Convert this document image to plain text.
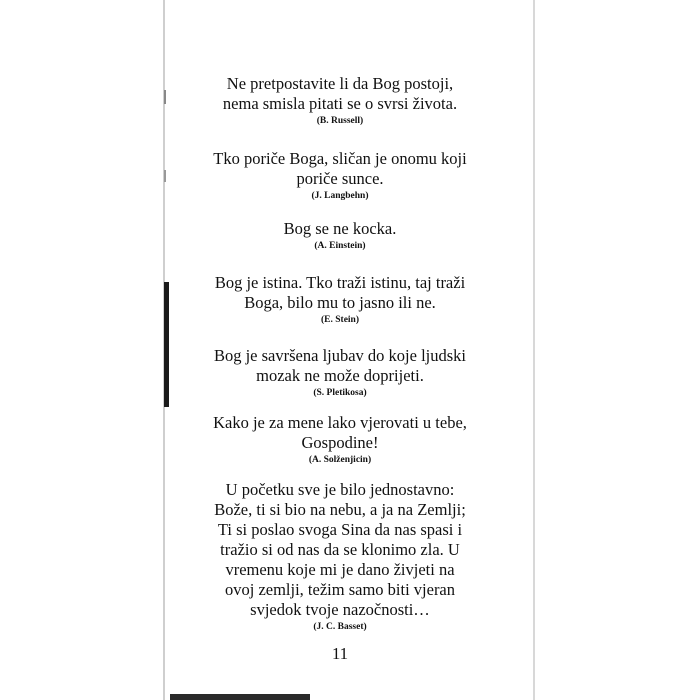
Ne pretpostavite li da Bog postoji,
nema smisla pitati se o svrsi života.
(B. Russell)
Tko poriče Boga, sličan je onomu koji
poriče sunce.
(J. Langbehn)
Bog se ne kocka.
(A. Einstein)
Bog je istina. Tko traži istinu, taj traži
Boga, bilo mu to jasno ili ne.
(E. Stein)
Bog je savršena ljubav do koje ljudski
mozak ne može doprijeti.
(S. Pletikosa)
Kako je za mene lako vjerovati u tebe,
Gospodine!
(A. Solženjicin)
U početku sve je bilo jednostavno:
Bože, ti si bio na nebu, a ja na Zemlji;
Ti si poslao svoga Sina da nas spasi i
tražio si od nas da se klonimo zla. U
vremenu koje mi je dano živjeti na
ovoj zemlji, težim samo biti vjeran
svjedok tvoje nazočnosti…
(J. C. Basset)
11
